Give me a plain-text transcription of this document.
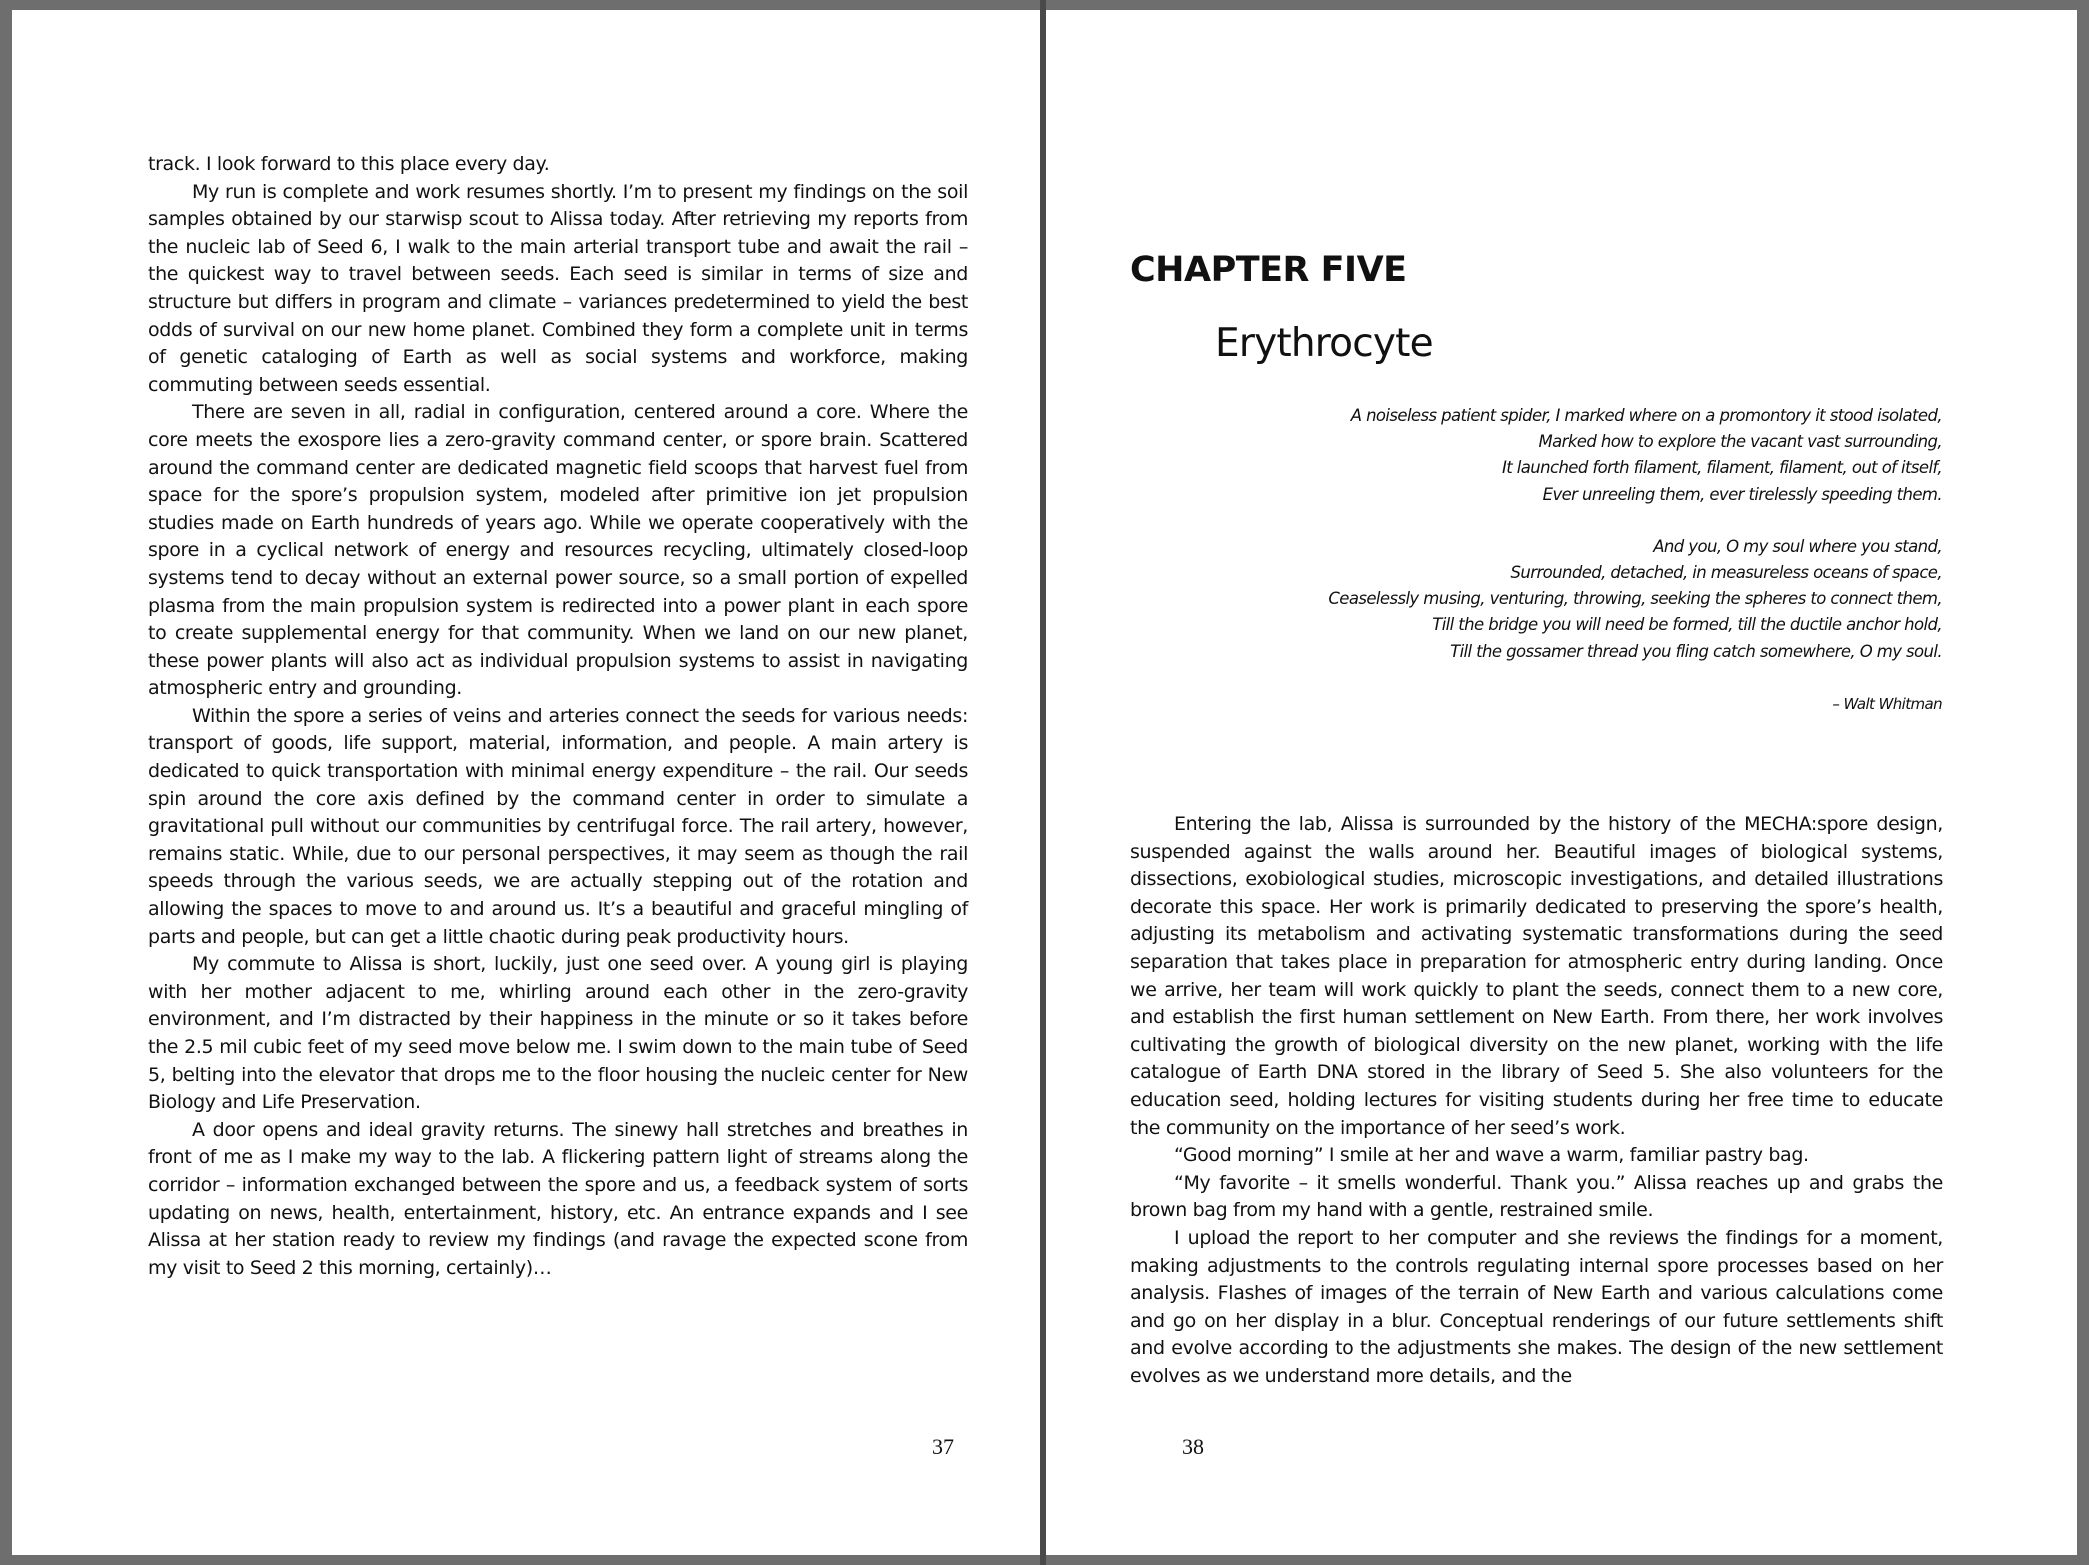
track. I look forward to this place every day.

My run is complete and work resumes shortly. I’m to present my findings on the soil samples obtained by our starwisp scout to Alissa today. After retrieving my reports from the nucleic lab of Seed 6, I walk to the main arterial transport tube and await the rail – the quickest way to travel between seeds. Each seed is similar in terms of size and structure but differs in program and climate – variances predetermined to yield the best odds of survival on our new home planet. Combined they form a complete unit in terms of genetic cataloging of Earth as well as social systems and workforce, making commuting between seeds essential.

There are seven in all, radial in configuration, centered around a core. Where the core meets the exospore lies a zero-gravity command center, or spore brain. Scattered around the command center are dedicated magnetic field scoops that harvest fuel from space for the spore’s propulsion system, modeled after primitive ion jet propulsion studies made on Earth hundreds of years ago. While we operate cooperatively with the spore in a cyclical network of energy and resources recycling, ultimately closed-loop systems tend to decay without an external power source, so a small portion of expelled plasma from the main propulsion system is redirected into a power plant in each spore to create supplemental energy for that community. When we land on our new planet, these power plants will also act as individual propulsion systems to assist in navigating atmospheric entry and grounding.

Within the spore a series of veins and arteries connect the seeds for various needs: transport of goods, life support, material, information, and people. A main artery is dedicated to quick transportation with minimal energy expenditure – the rail. Our seeds spin around the core axis defined by the command center in order to simulate a gravitational pull without our communities by centrifugal force. The rail artery, however, remains static. While, due to our personal perspectives, it may seem as though the rail speeds through the various seeds, we are actually stepping out of the rotation and allowing the spaces to move to and around us. It’s a beautiful and graceful mingling of parts and people, but can get a little chaotic during peak productivity hours.

My commute to Alissa is short, luckily, just one seed over. A young girl is playing with her mother adjacent to me, whirling around each other in the zero-gravity environment, and I’m distracted by their happiness in the minute or so it takes before the 2.5 mil cubic feet of my seed move below me. I swim down to the main tube of Seed 5, belting into the elevator that drops me to the floor housing the nucleic center for New Biology and Life Preservation.

A door opens and ideal gravity returns. The sinewy hall stretches and breathes in front of me as I make my way to the lab. A flickering pattern light of streams along the corridor – information exchanged between the spore and us, a feedback system of sorts updating on news, health, entertainment, history, etc. An entrance expands and I see Alissa at her station ready to review my findings (and ravage the expected scone from my visit to Seed 2 this morning, certainly)…

37
CHAPTER FIVE
Erythrocyte
A noiseless patient spider, I marked where on a promontory it stood isolated,
Marked how to explore the vacant vast surrounding,
It launched forth filament, filament, filament, out of itself,
Ever unreeling them, ever tirelessly speeding them.
And you, O my soul where you stand,
Surrounded, detached, in measureless oceans of space,
Ceaselessly musing, venturing, throwing, seeking the spheres to connect them,
Till the bridge you will need be formed, till the ductile anchor hold,
Till the gossamer thread you fling catch somewhere, O my soul.
– Walt Whitman

Entering the lab, Alissa is surrounded by the history of the MECHA:spore design, suspended against the walls around her. Beautiful images of biological systems, dissections, exobiological studies, microscopic investigations, and detailed illustrations decorate this space. Her work is primarily dedicated to preserving the spore’s health, adjusting its metabolism and activating systematic transformations during the seed separation that takes place in preparation for atmospheric entry during landing. Once we arrive, her team will work quickly to plant the seeds, connect them to a new core, and establish the first human settlement on New Earth. From there, her work involves cultivating the growth of biological diversity on the new planet, working with the life catalogue of Earth DNA stored in the library of Seed 5. She also volunteers for the education seed, holding lectures for visiting students during her free time to educate the community on the importance of her seed’s work.

“Good morning” I smile at her and wave a warm, familiar pastry bag.

“My favorite – it smells wonderful. Thank you.” Alissa reaches up and grabs the brown bag from my hand with a gentle, restrained smile.

I upload the report to her computer and she reviews the findings for a moment, making adjustments to the controls regulating internal spore processes based on her analysis. Flashes of images of the terrain of New Earth and various calculations come and go on her display in a blur. Conceptual renderings of our future settlements shift and evolve according to the adjustments she makes. The design of the new settlement evolves as we understand more details, and the

38
